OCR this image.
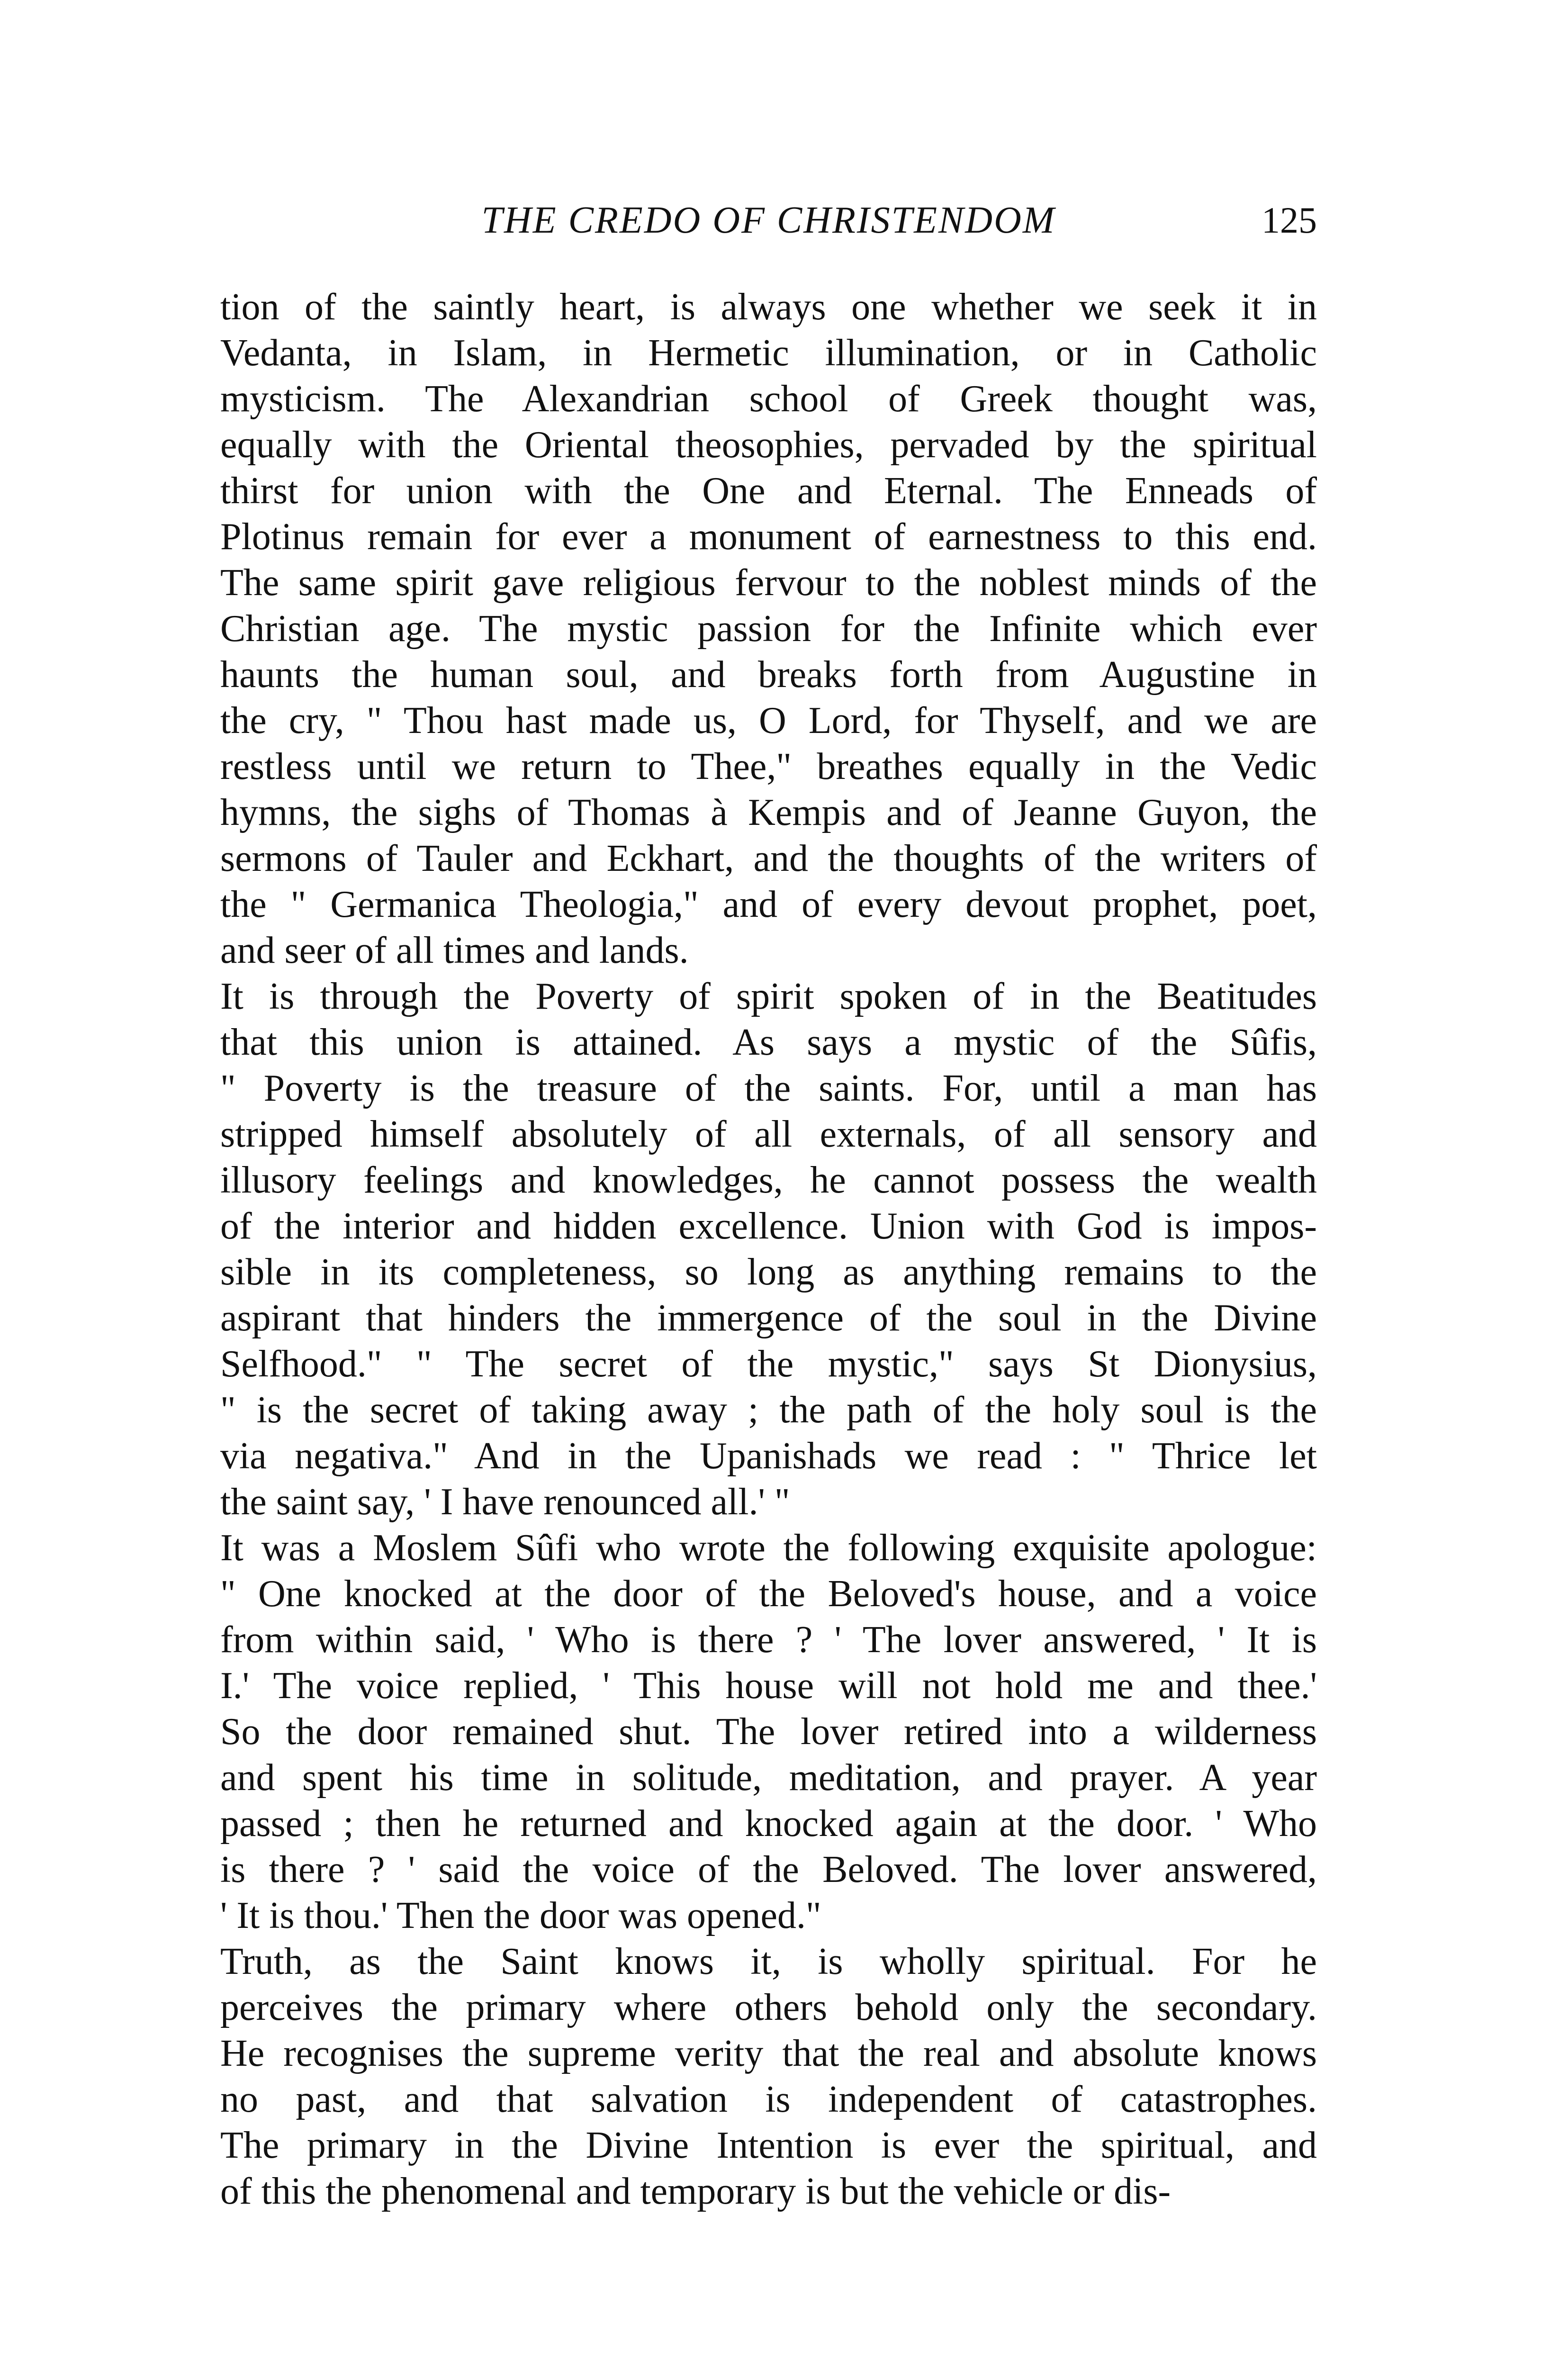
THE CREDO OF CHRISTENDOM	125
tion of the saintly heart, is always one whether we seek it in
Vedanta, in Islam, in Hermetic illumination, or in Catholic
mysticism. The Alexandrian school of Greek thought was,
equally with the Oriental theosophies, pervaded by the spiritual
thirst for union with the One and Eternal. The Enneads of
Plotinus remain for ever a monument of earnestness to this end.
The same spirit gave religious fervour to the noblest minds of the
Christian age. The mystic passion for the Infinite which ever
haunts the human soul, and breaks forth from Augustine in
the cry, " Thou hast made us, O Lord, for Thyself, and we are
restless until we return to Thee," breathes equally in the Vedic
hymns, the sighs of Thomas à Kempis and of Jeanne Guyon, the
sermons of Tauler and Eckhart, and the thoughts of the writers of
the " Germanica Theologia," and of every devout prophet, poet,
and seer of all times and lands.
It is through the Poverty of spirit spoken of in the Beatitudes
that this union is attained. As says a mystic of the Sûfis,
" Poverty is the treasure of the saints. For, until a man has
stripped himself absolutely of all externals, of all sensory and
illusory feelings and knowledges, he cannot possess the wealth
of the interior and hidden excellence. Union with God is impos-
sible in its completeness, so long as anything remains to the
aspirant that hinders the immergence of the soul in the Divine
Selfhood." " The secret of the mystic," says St Dionysius,
" is the secret of taking away ; the path of the holy soul is the
via negativa." And in the Upanishads we read : " Thrice let
the saint say, ' I have renounced all.' "
It was a Moslem Sûfi who wrote the following exquisite apologue:
" One knocked at the door of the Beloved's house, and a voice
from within said, ' Who is there ? ' The lover answered, ' It is
I.' The voice replied, ' This house will not hold me and thee.'
So the door remained shut. The lover retired into a wilderness
and spent his time in solitude, meditation, and prayer. A year
passed ; then he returned and knocked again at the door. ' Who
is there ? ' said the voice of the Beloved. The lover answered,
' It is thou.' Then the door was opened."
Truth, as the Saint knows it, is wholly spiritual. For he
perceives the primary where others behold only the secondary.
He recognises the supreme verity that the real and absolute knows
no past, and that salvation is independent of catastrophes.
The primary in the Divine Intention is ever the spiritual, and
of this the phenomenal and temporary is but the vehicle or dis-
